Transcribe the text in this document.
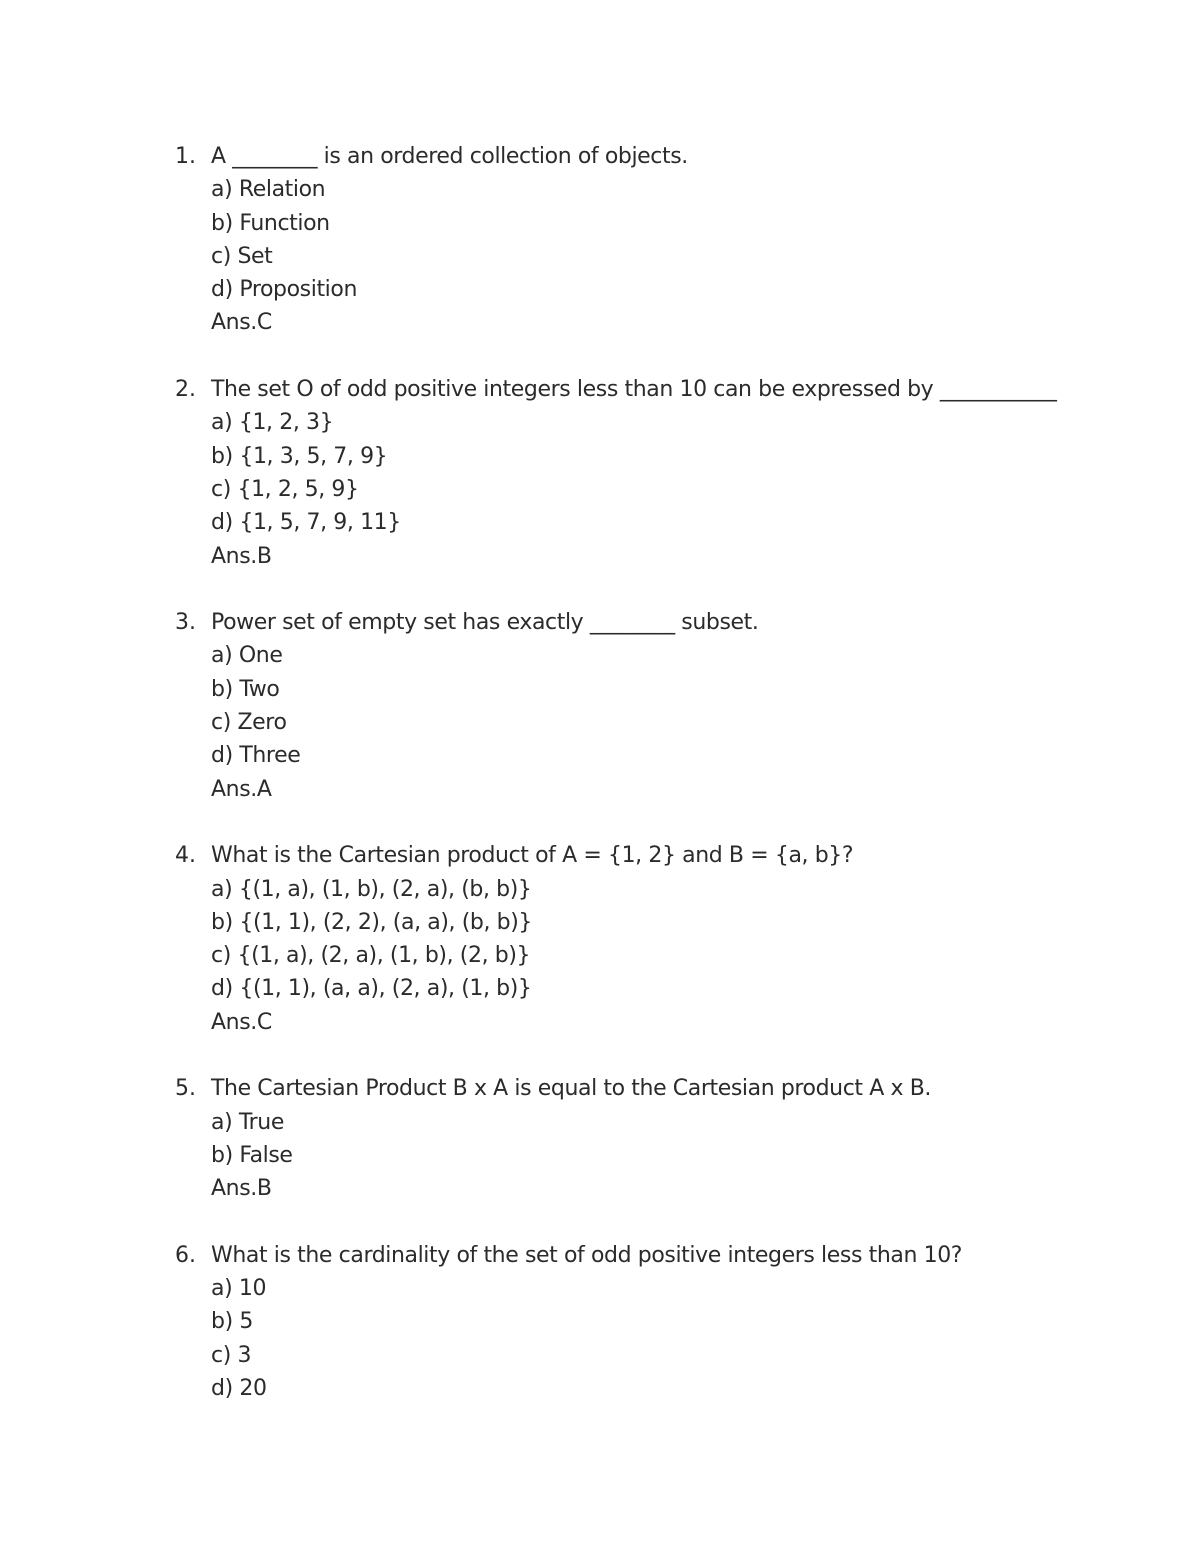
1. A ________ is an ordered collection of objects.
a) Relation
b) Function
c) Set
d) Proposition
Ans.C
2. The set O of odd positive integers less than 10 can be expressed by ___________
a) {1, 2, 3}
b) {1, 3, 5, 7, 9}
c) {1, 2, 5, 9}
d) {1, 5, 7, 9, 11}
Ans.B
3. Power set of empty set has exactly ________ subset.
a) One
b) Two
c) Zero
d) Three
Ans.A
4. What is the Cartesian product of A = {1, 2} and B = {a, b}?
a) {(1, a), (1, b), (2, a), (b, b)}
b) {(1, 1), (2, 2), (a, a), (b, b)}
c) {(1, a), (2, a), (1, b), (2, b)}
d) {(1, 1), (a, a), (2, a), (1, b)}
Ans.C
5. The Cartesian Product B x A is equal to the Cartesian product A x B.
a) True
b) False
Ans.B
6. What is the cardinality of the set of odd positive integers less than 10?
a) 10
b) 5
c) 3
d) 20
